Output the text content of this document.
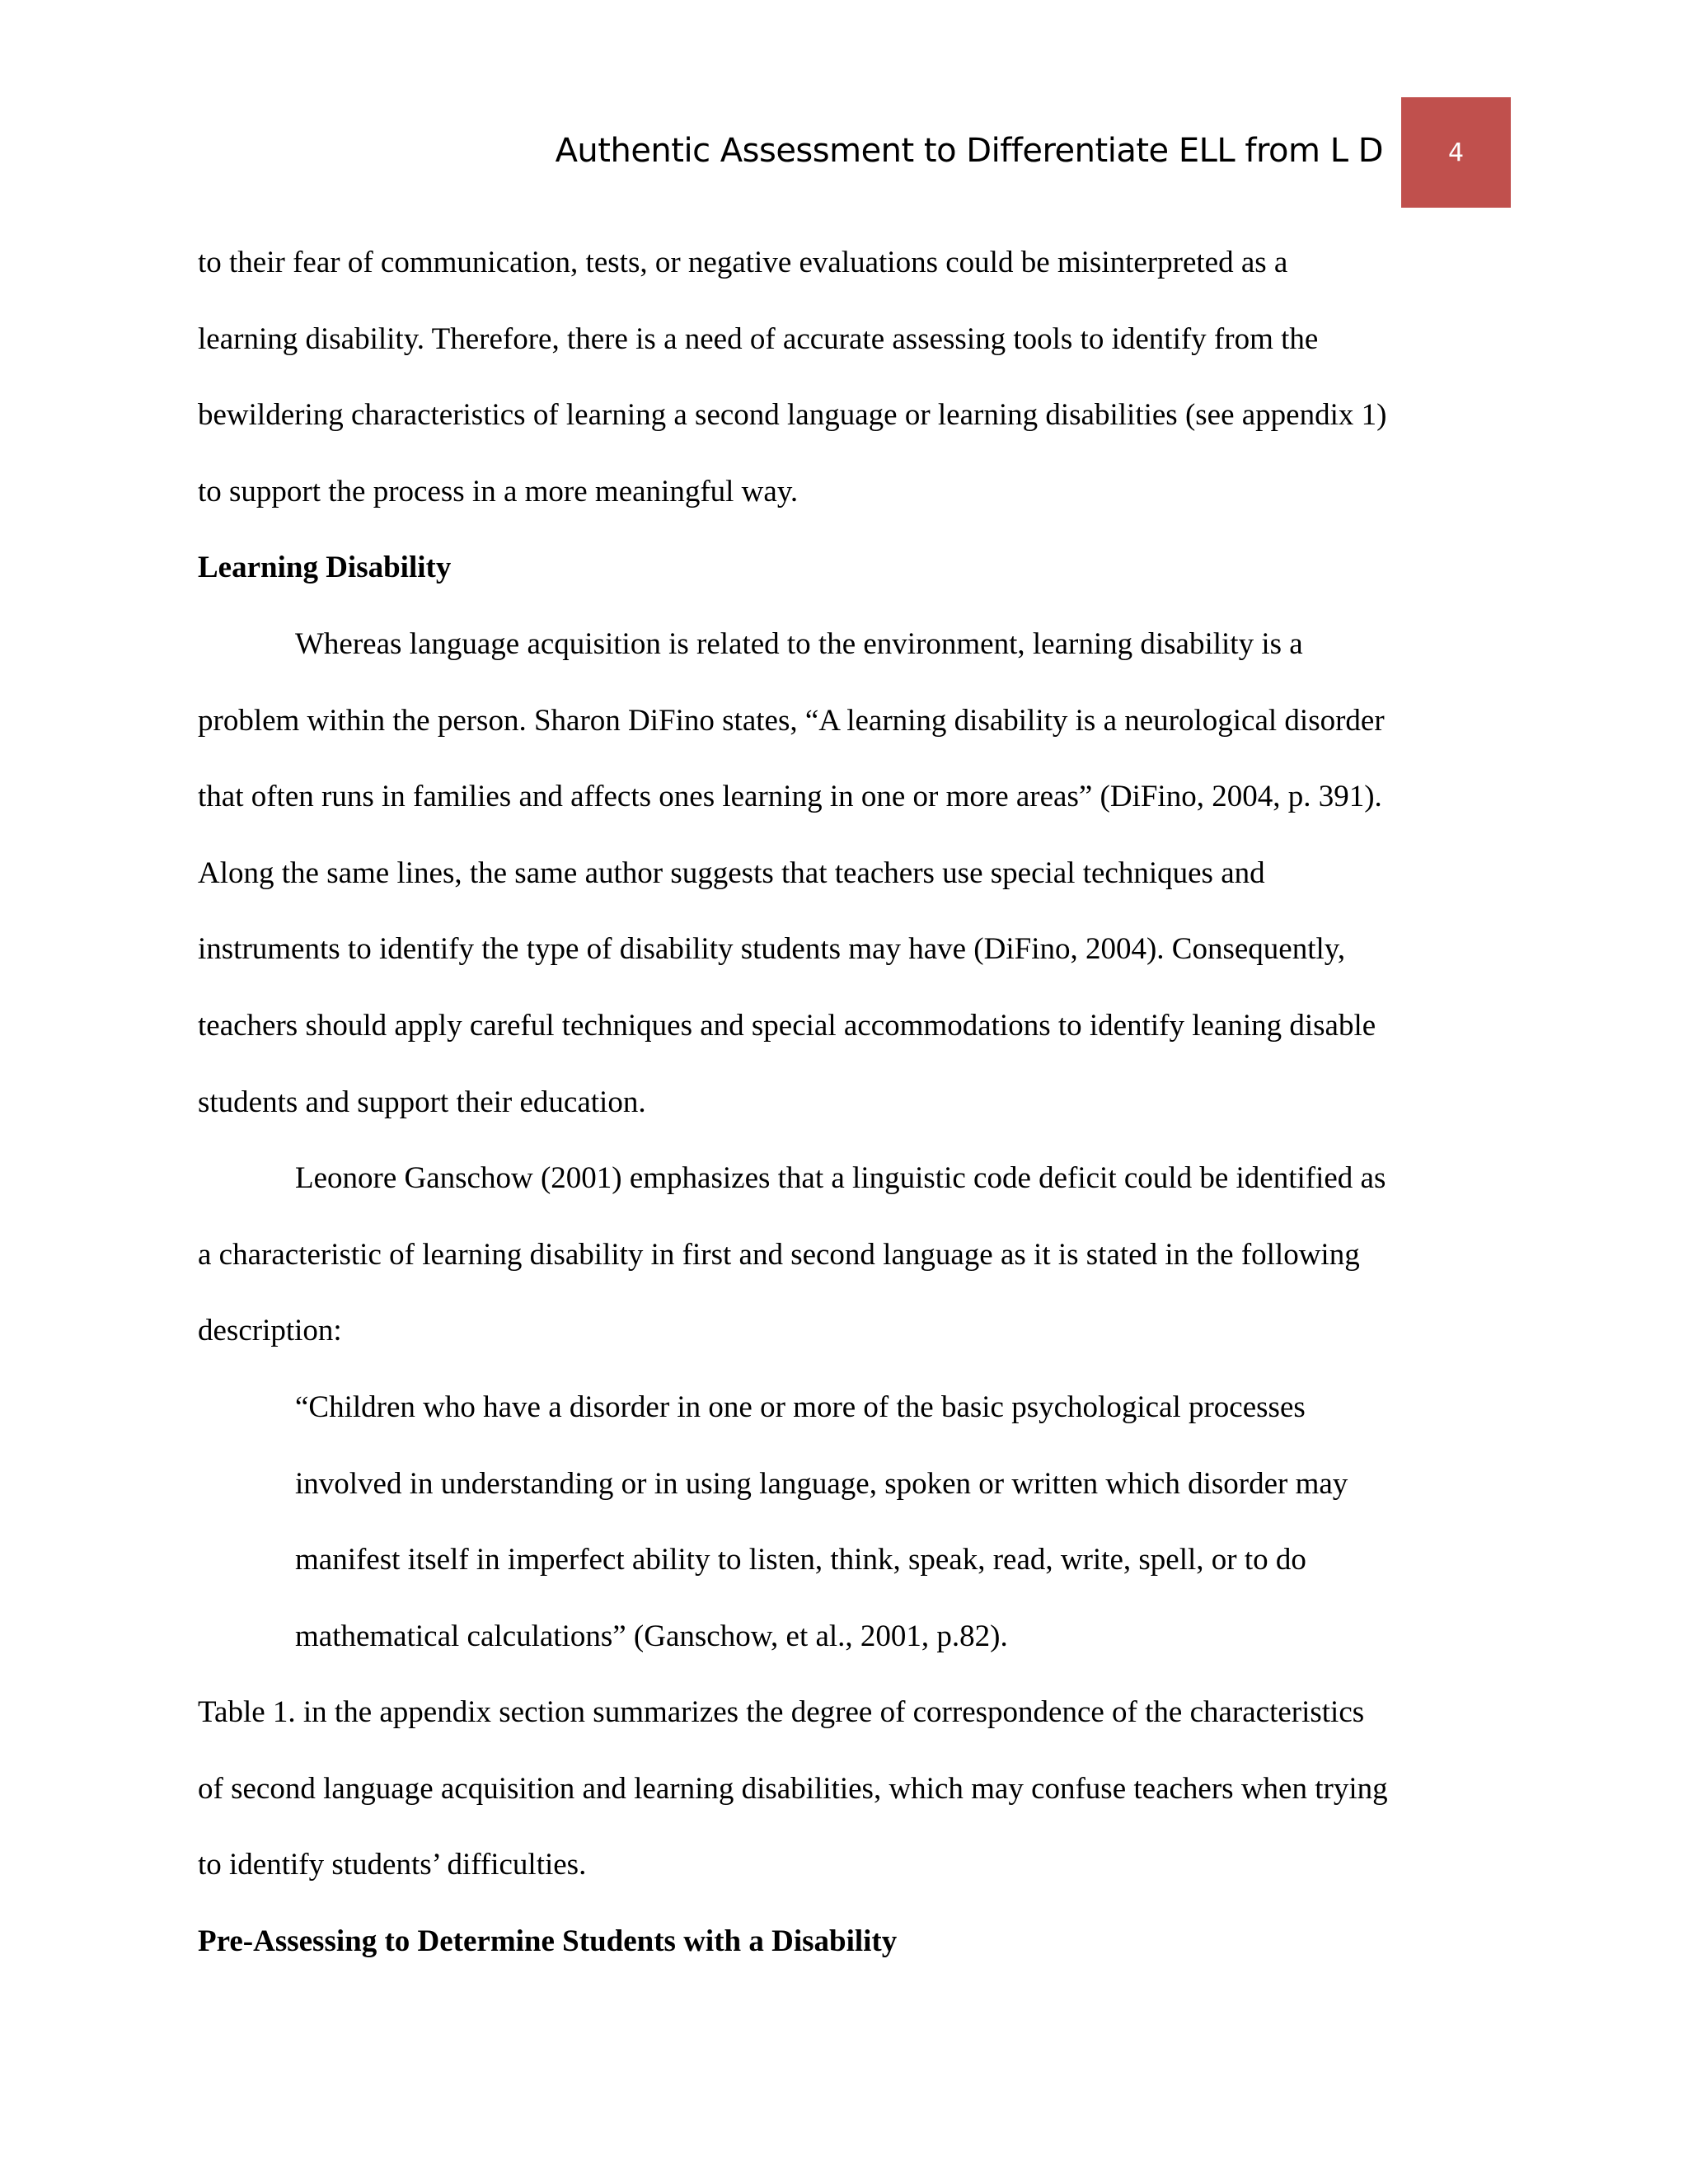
Authentic Assessment to Differentiate ELL from L D	4
to their fear of communication, tests, or negative evaluations could be misinterpreted as a
learning disability. Therefore, there is a need of accurate assessing tools to identify from the
bewildering characteristics of learning a second language or learning disabilities (see appendix 1)
to support the process in a more meaningful way.
Learning Disability
Whereas language acquisition is related to the environment, learning disability is a
problem within the person. Sharon DiFino states, “A learning disability is a neurological disorder
that often runs in families and affects ones learning in one or more areas” (DiFino, 2004, p. 391).
Along the same lines, the same author suggests that teachers use special techniques and
instruments to identify the type of disability students may have (DiFino, 2004). Consequently,
teachers should apply careful techniques and special accommodations to identify leaning disable
students and support their education.
Leonore Ganschow (2001) emphasizes that a linguistic code deficit could be identified as
a characteristic of learning disability in first and second language as it is stated in the following
description:
“Children who have a disorder in one or more of the basic psychological processes
involved in understanding or in using language, spoken or written which disorder may
manifest itself in imperfect ability to listen, think, speak, read, write, spell, or to do
mathematical calculations” (Ganschow, et al., 2001, p.82).
Table 1. in the appendix section summarizes the degree of correspondence of the characteristics
of second language acquisition and learning disabilities, which may confuse teachers when trying
to identify students’ difficulties.
Pre-Assessing to Determine Students with a Disability
